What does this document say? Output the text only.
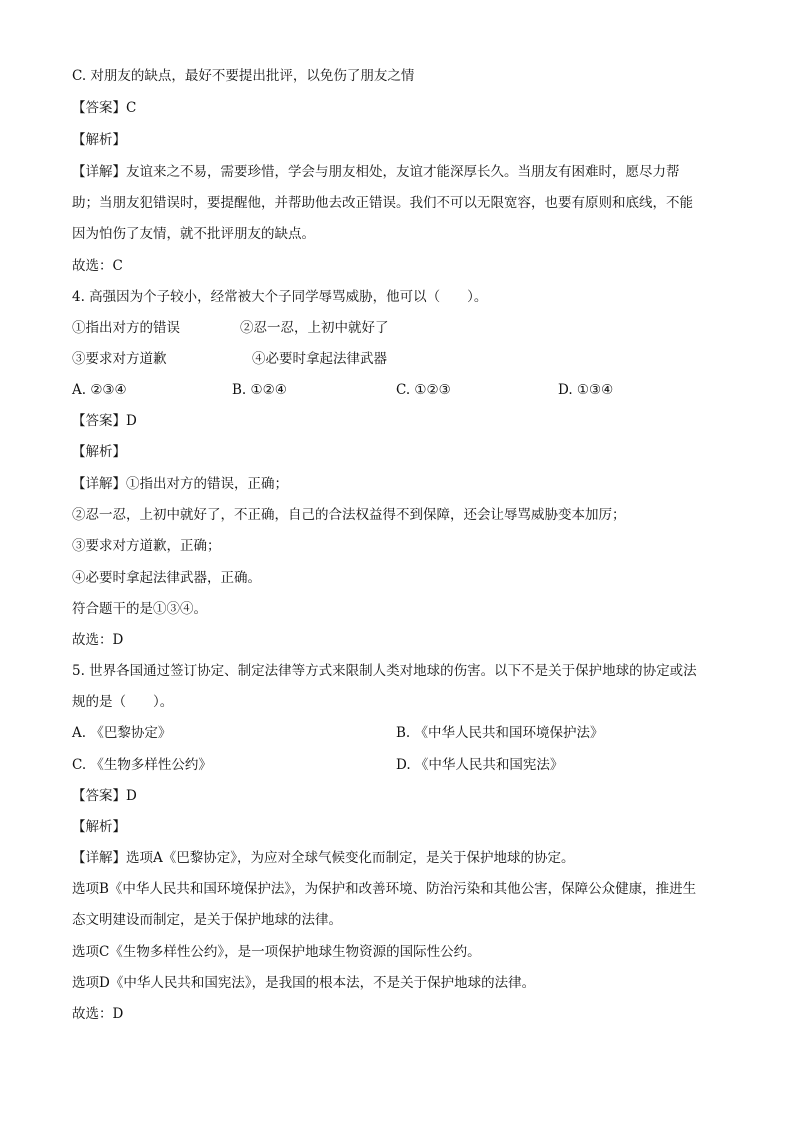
C. 对朋友的缺点，最好不要提出批评，以免伤了朋友之情
【答案】C
【解析】
【详解】友谊来之不易，需要珍惜，学会与朋友相处，友谊才能深厚长久。当朋友有困难时，愿尽力帮
助；当朋友犯错误时，要提醒他，并帮助他去改正错误。我们不可以无限宽容，也要有原则和底线，不能
因为怕伤了友情，就不批评朋友的缺点。
故选：C
4. 高强因为个子较小，经常被大个子同学辱骂威胁，他可以（　　）。
①指出对方的错误	②忍一忍，上初中就好了
③要求对方道歉	④必要时拿起法律武器
A. ②③④	B. ①②④	C. ①②③	D. ①③④
【答案】D
【解析】
【详解】①指出对方的错误，正确；
②忍一忍，上初中就好了，不正确，自己的合法权益得不到保障，还会让辱骂威胁变本加厉；
③要求对方道歉，正确；
④必要时拿起法律武器，正确。
符合题干的是①③④。
故选：D
5. 世界各国通过签订协定、制定法律等方式来限制人类对地球的伤害。以下不是关于保护地球的协定或法
规的是（　　）。
A. 《巴黎协定》	B. 《中华人民共和国环境保护法》
C. 《生物多样性公约》	D. 《中华人民共和国宪法》
【答案】D
【解析】
【详解】选项A《巴黎协定》，为应对全球气候变化而制定，是关于保护地球的协定。
选项B《中华人民共和国环境保护法》，为保护和改善环境、防治污染和其他公害，保障公众健康，推进生
态文明建设而制定，是关于保护地球的法律。
选项C《生物多样性公约》，是一项保护地球生物资源的国际性公约。
选项D《中华人民共和国宪法》，是我国的根本法，不是关于保护地球的法律。
故选：D
